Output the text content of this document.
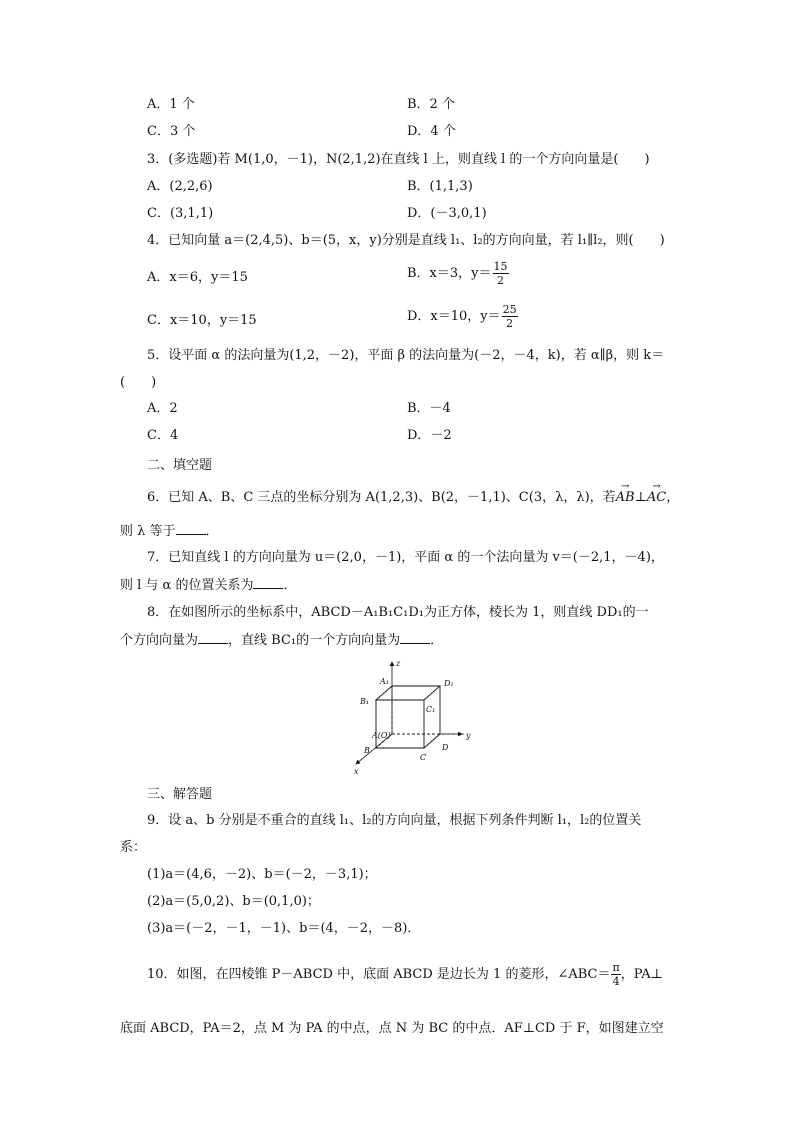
A．1 个	B．2 个
C．3 个	D．4 个
3．(多选题)若 M(1,0，－1)，N(2,1,2)在直线 l 上，则直线 l 的一个方向向量是(　　)
A．(2,2,6)	B．(1,1,3)
C．(3,1,1)	D．(－3,0,1)
4．已知向量 a＝(2,4,5)、b＝(5，x，y)分别是直线 l₁、l₂的方向向量，若 l₁∥l₂，则(　　)
A．x＝6，y＝15	B．x＝3，$y= \frac{15}{2}$
C．x＝10，y＝15	D．x＝10，$y= \frac{25}{2}$
5．设平面 α 的法向量为(1,2，－2)，平面 β 的法向量为(－2，－4，k)，若 α∥β，则 k＝
(　　)
A．2	B．－4
C．4	D．－2
二、填空题
6．已知 A、B、C 三点的坐标分别为 A(1,2,3)、B(2，－1,1)、C(3，λ，λ)，若→ AB⊥→ AC，
则 λ 等于 ．
7．已知直线 l 的方向向量为 u＝(2,0，－1)，平面 α 的一个法向量为 v＝(－2,1，－4)，
则 l 与 α 的位置关系为 ．
8．在如图所示的坐标系中，ABCD－A₁B₁C₁D₁为正方体，棱长为 1，则直线 DD₁的一
个方向向量为 ，直线 BC₁的一个方向向量为 ．
z
y
x
A₁	D₁
B₁
C₁
A(O)
B
C
D
三、解答题
9．设 a、b 分别是不重合的直线 l₁、l₂的方向向量，根据下列条件判断 l₁，l₂的位置关
系：
(1)a＝(4,6，－2)、b＝(－2，－3,1)；
(2)a＝(5,0,2)、b＝(0,1,0)；
(3)a＝(－2，－1，－1)、b＝(4，－2，－8)．
10．如图，在四棱锥 P－ABCD 中，底面 ABCD 是边长为 1 的菱形，∠ABC＝ $\frac{\pi}{4}$ ，PA⊥
底面 ABCD，PA＝2，点 M 为 PA 的中点，点 N 为 BC 的中点．AF⊥CD 于 F，如图建立空
